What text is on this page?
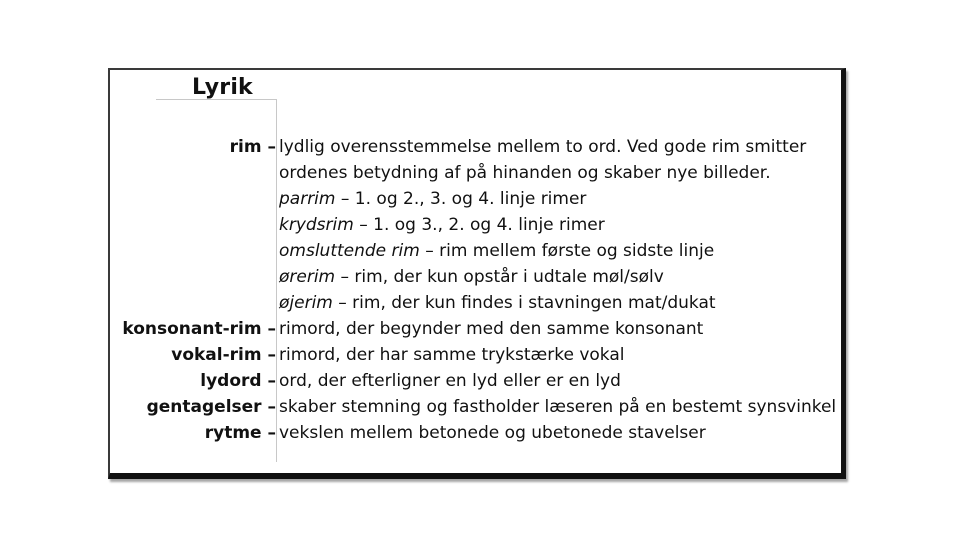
Lyrik
rim – lydlig overensstemmelse mellem to ord. Ved gode rim smitter
ordenes betydning af på hinanden og skaber nye billeder.
parrim – 1. og 2., 3. og 4. linje rimer
krydsrim – 1. og 3., 2. og 4. linje rimer
omsluttende rim – rim mellem første og sidste linje
ørerim – rim, der kun opstår i udtale møl/sølv
øjerim – rim, der kun findes i stavningen mat/dukat
konsonant-rim – rimord, der begynder med den samme konsonant
vokal-rim – rimord, der har samme trykstærke vokal
lydord – ord, der efterligner en lyd eller er en lyd
gentagelser – skaber stemning og fastholder læseren på en bestemt synsvinkel
rytme – vekslen mellem betonede og ubetonede stavelser
